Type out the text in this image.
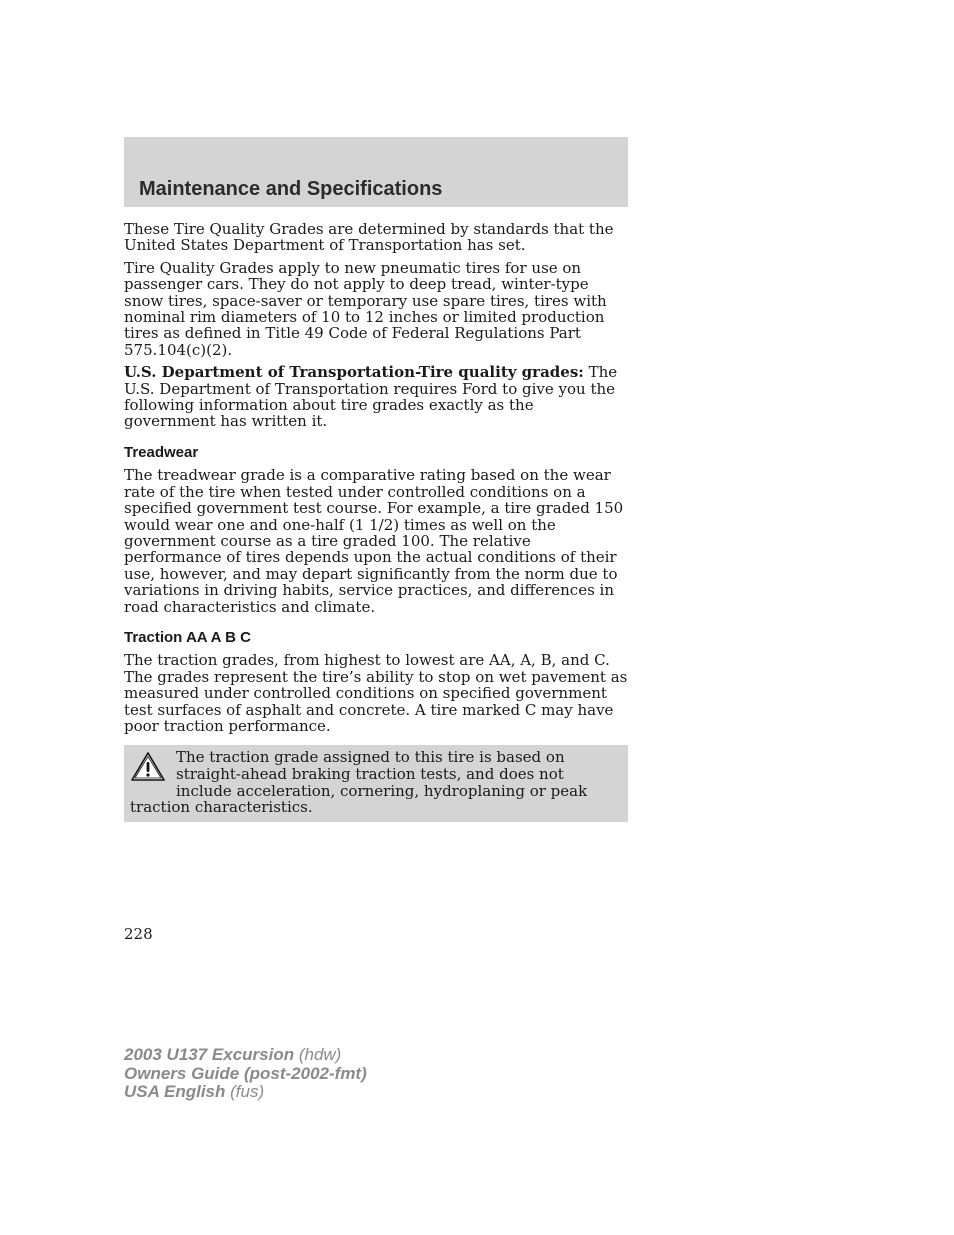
Maintenance and Specifications

These Tire Quality Grades are determined by standards that the United States Department of Transportation has set.

Tire Quality Grades apply to new pneumatic tires for use on passenger cars. They do not apply to deep tread, winter-type snow tires, space-saver or temporary use spare tires, tires with nominal rim diameters of 10 to 12 inches or limited production tires as defined in Title 49 Code of Federal Regulations Part 575.104(c)(2).

U.S. Department of Transportation-Tire quality grades: The U.S. Department of Transportation requires Ford to give you the following information about tire grades exactly as the government has written it.

Treadwear

The treadwear grade is a comparative rating based on the wear rate of the tire when tested under controlled conditions on a specified government test course. For example, a tire graded 150 would wear one and one-half (1 1/2) times as well on the government course as a tire graded 100. The relative performance of tires depends upon the actual conditions of their use, however, and may depart significantly from the norm due to variations in driving habits, service practices, and differences in road characteristics and climate.

Traction AA A B C

The traction grades, from highest to lowest are AA, A, B, and C. The grades represent the tire’s ability to stop on wet pavement as measured under controlled conditions on specified government test surfaces of asphalt and concrete. A tire marked C may have poor traction performance.

The traction grade assigned to this tire is based on straight-ahead braking traction tests, and does not include acceleration, cornering, hydroplaning or peak traction characteristics.
228
2003 U137 Excursion (hdw)
Owners Guide (post-2002-fmt)
USA English (fus)
